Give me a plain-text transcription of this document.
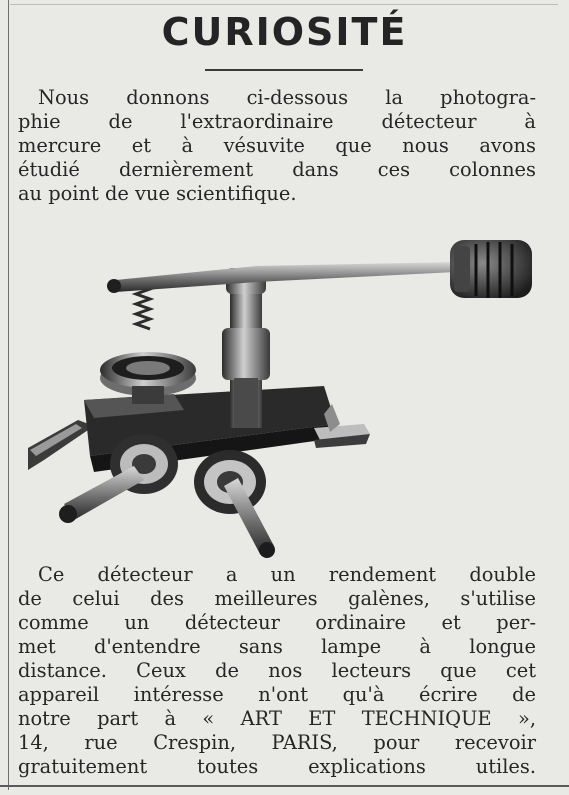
CURIOSITÉ
Nous donnons ci-dessous la photogra-
phie de l'extraordinaire détecteur à
mercure et à vésuvite que nous avons
étudié dernièrement dans ces colonnes
au point de vue scientifique.
Ce détecteur a un rendement double
de celui des meilleures galènes, s'utilise
comme un détecteur ordinaire et per-
met d'entendre sans lampe à longue
distance. Ceux de nos lecteurs que cet
appareil intéresse n'ont qu'à écrire de
notre part à « ART ET TECHNIQUE »,
14, rue Crespin, PARIS, pour recevoir
gratuitement toutes explications utiles.
